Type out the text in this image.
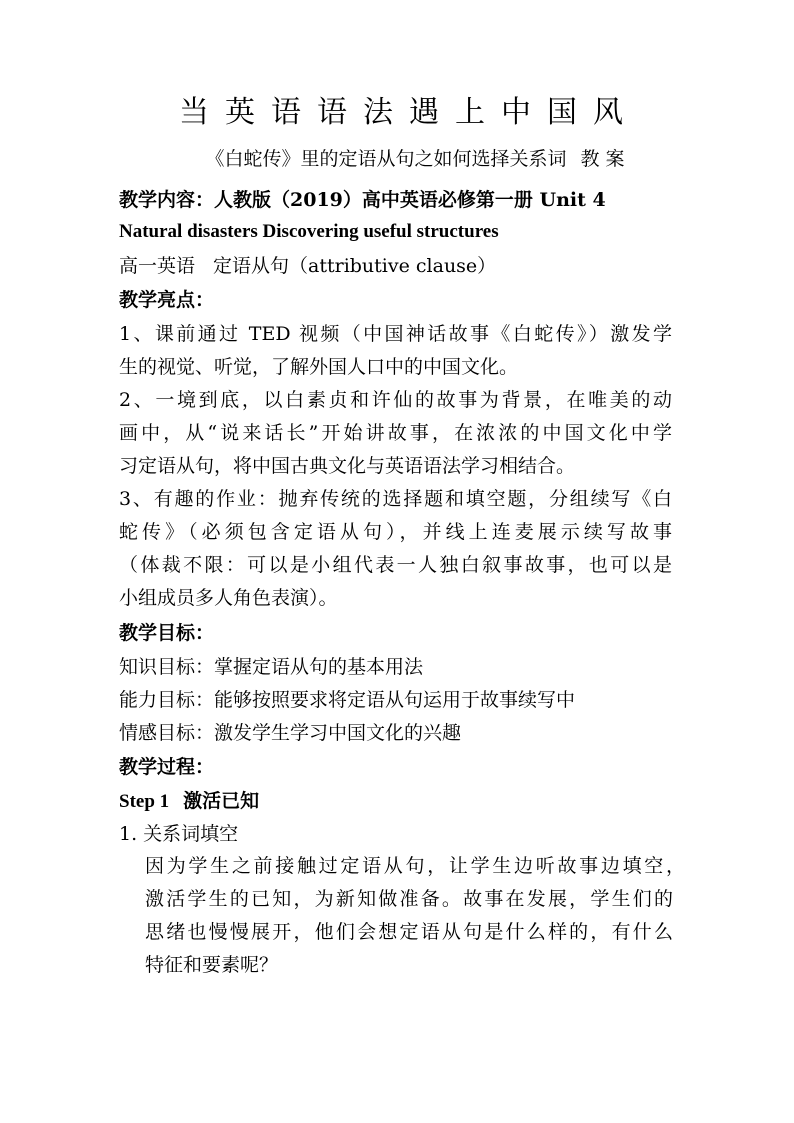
当英语语法遇上中国风
《白蛇传》里的定语从句之如何选择关系词 教 案
教学内容：人教版（2019）高中英语必修第一册 Unit 4
Natural disasters Discovering useful structures
高一英语 定语从句（attributive clause）
教学亮点：
1、课前通过 TED 视频（中国神话故事《白蛇传》）激发学
生的视觉、听觉，了解外国人口中的中国文化。
2、一境到底，以白素贞和许仙的故事为背景，在唯美的动
画中，从“说来话长”开始讲故事，在浓浓的中国文化中学
习定语从句，将中国古典文化与英语语法学习相结合。
3、有趣的作业：抛弃传统的选择题和填空题，分组续写《白
蛇传》（必须包含定语从句），并线上连麦展示续写故事
（体裁不限：可以是小组代表一人独白叙事故事，也可以是
小组成员多人角色表演）。
教学目标：
知识目标：掌握定语从句的基本用法
能力目标：能够按照要求将定语从句运用于故事续写中
情感目标：激发学生学习中国文化的兴趣
教学过程：
Step 1 激活已知
1. 关系词填空
因为学生之前接触过定语从句，让学生边听故事边填空，
激活学生的已知，为新知做准备。故事在发展，学生们的
思绪也慢慢展开，他们会想定语从句是什么样的，有什么
特征和要素呢？
